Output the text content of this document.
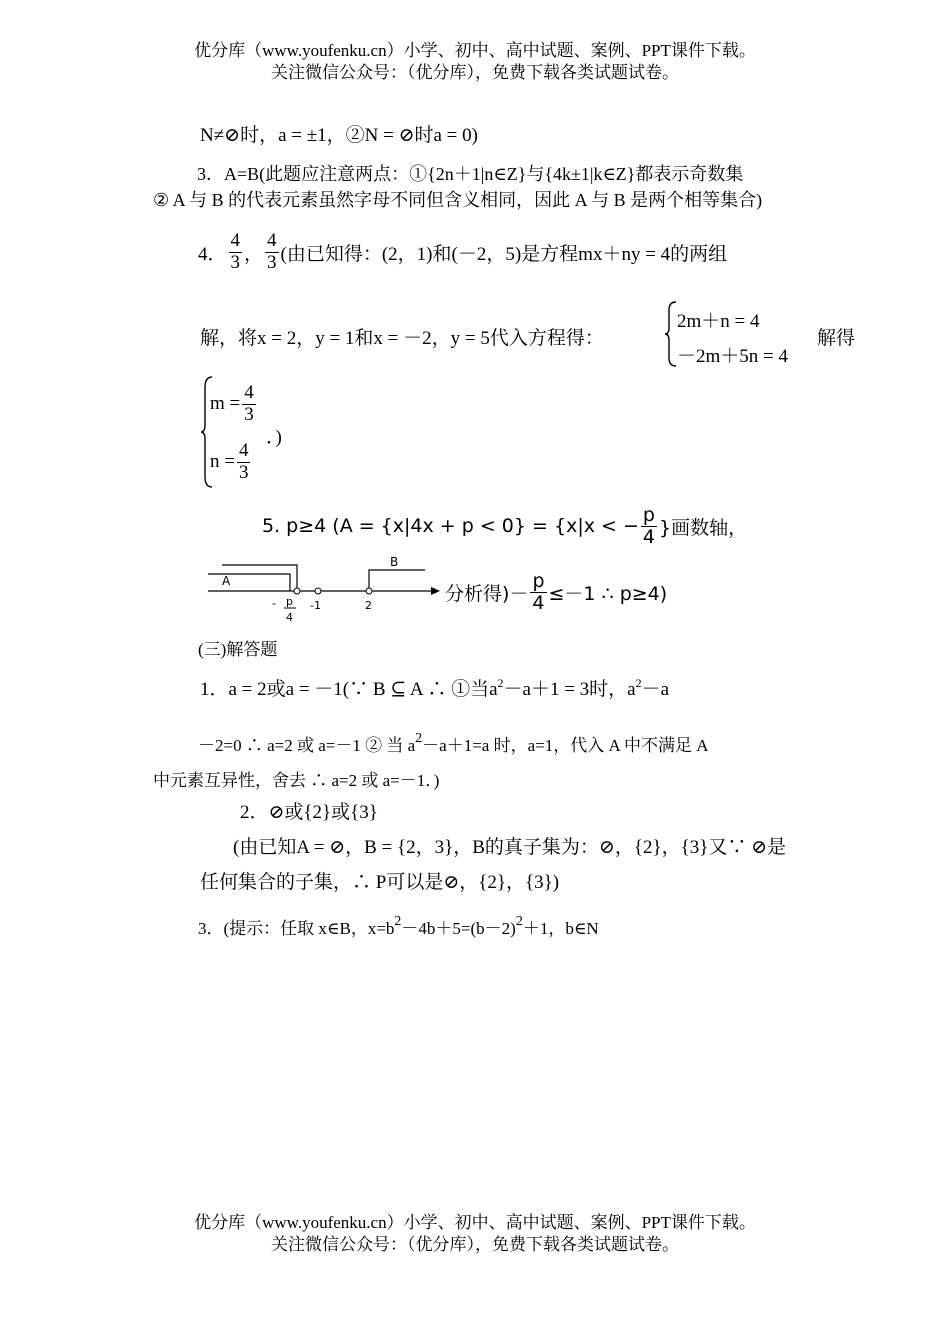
优分库（www.youfenku.cn）小学、初中、高中试题、案例、PPT课件下载。
关注微信公众号：（优分库），免费下载各类试题试卷。
N≠⊘时，a = ±1，②N = ⊘时a = 0)
3．A=B(此题应注意两点：①{2n＋1|n∈Z}与{4k±1|k∈Z}都表示奇数集
② A 与 B 的代表元素虽然字母不同但含义相同，因此 A 与 B 是两个相等集合)
4． $\frac{4}{3}$ ， $\frac{4}{3}$ (由已知得：(2，1)和(－2，5)是方程mx＋ny = 4的两组
解，将x = 2，y = 1和x = －2，y = 5代入方程得：
2m＋n = 4
－2m＋5n = 4
解得
$m = \frac{4}{3}$
．)
$n = \frac{4}{3}$
5. p≥4 (A = {x|4x + p < 0} = {x|x < − $\frac{p}{4}$ }画数轴，
A
B
- p
4
-1	2
分析得)－ $\frac{p}{4} \le-1$ ∴ p≥4)
(三)解答题
1．a = 2或a = －1(∵ B ⊆ A ∴ ①当$a^2-a+1 = 3$时，$a^2-a$
－2=0 ∴ a=2 或 a=－1 ② 当 $a^2-a+1=a$ 时，a=1，代入 A 中不满足 A
中元素互异性，舍去 ∴ a=2 或 a=－1．)
2．⊘或{2}或{3}
(由已知A = ⊘，B = {2，3}，B的真子集为：⊘，{2}，{3}又∵ ⊘是
任何集合的子集，∴ P可以是⊘，{2}，{3})
3．(提示：任取 x∈B，$x=b^2-4b+5=(b-2)^2+1$，b∈N
优分库（www.youfenku.cn）小学、初中、高中试题、案例、PPT课件下载。
关注微信公众号：（优分库），免费下载各类试题试卷。
